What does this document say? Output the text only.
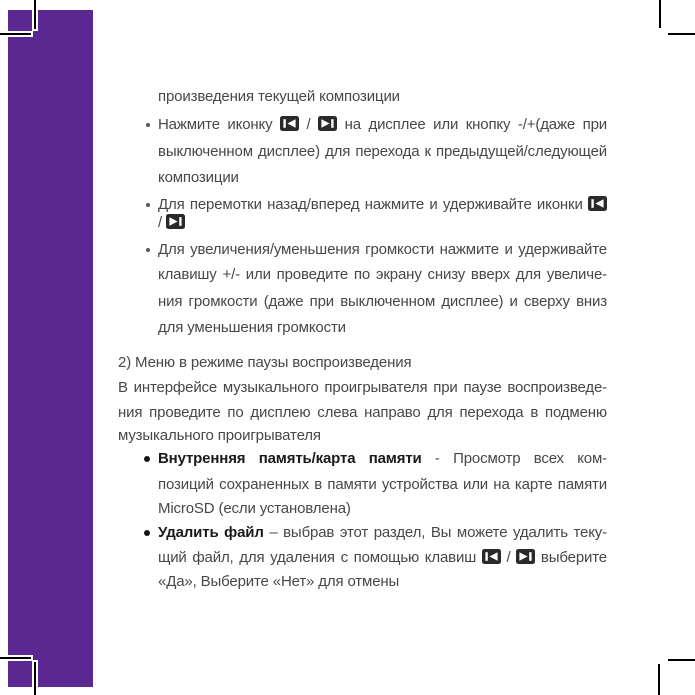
произведения текущей композиции
Нажмите иконку
/
на дисплее или кнопку -/+(даже при
выключенном дисплее) для перехода к предыдущей/следующей
композиции
Для перемотки назад/вперед нажмите и удерживайте иконки
/
Для увеличения/уменьшения громкости нажмите и удерживайте
клавишу +/- или проведите по экрану снизу вверх для увеличе-
ния громкости (даже при выключенном дисплее) и сверху вниз
для уменьшения громкости
2) Меню в режиме паузы воспроизведения
В интерфейсе музыкального проигрывателя при паузе воспроизведе-
ния проведите по дисплею слева направо для перехода в подменю
музыкального проигрывателя
Внутренняя память/карта памяти - Просмотр всех ком-
позиций сохраненных в памяти устройства или на карте памяти
MicroSD (если установлена)
Удалить файл – выбрав этот раздел, Вы можете удалить теку-
щий файл, для удаления с помощью клавиш
/
выберите
«Да», Выберите «Нет» для отмены
